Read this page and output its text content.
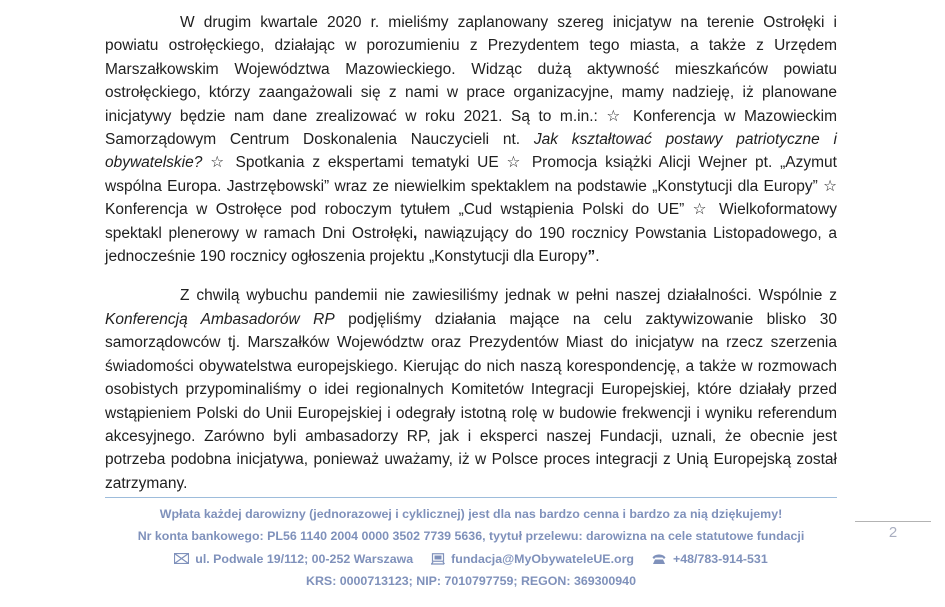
W drugim kwartale 2020 r. mieliśmy zaplanowany szereg inicjatyw na terenie Ostrołęki i powiatu ostrołęckiego, działając w porozumieniu z Prezydentem tego miasta, a także z Urzędem Marszałkowskim Województwa Mazowieckiego. Widząc dużą aktywność mieszkańców powiatu ostrołęckiego, którzy zaangażowali się z nami w prace organizacyjne, mamy nadzieję, iż planowane inicjatywy będzie nam dane zrealizować w roku 2021. Są to m.in.: ☆ Konferencja w Mazowieckim Samorządowym Centrum Doskonalenia Nauczycieli nt. Jak kształtować postawy patriotyczne i obywatelskie? ☆ Spotkania z ekspertami tematyki UE ☆ Promocja książki Alicji Wejner pt. „Azymut wspólna Europa. Jastrzębowski” wraz ze niewielkim spektaklem na podstawie „Konstytucji dla Europy” ☆ Konferencja w Ostrołęce pod roboczym tytułem „Cud wstąpienia Polski do UE” ☆ Wielkoformatowy spektakl plenerowy w ramach Dni Ostrołęki, nawiązujący do 190 rocznicy Powstania Listopadowego, a jednocześnie 190 rocznicy ogłoszenia projektu „Konstytucji dla Europy”.

Z chwilą wybuchu pandemii nie zawiesiliśmy jednak w pełni naszej działalności. Wspólnie z Konferencją Ambasadorów RP podjęliśmy działania mające na celu zaktywizowanie blisko 30 samorządowców tj. Marszałków Województw oraz Prezydentów Miast do inicjatyw na rzecz szerzenia świadomości obywatelstwa europejskiego. Kierując do nich naszą korespondencję, a także w rozmowach osobistych przypominaliśmy o idei regionalnych Komitetów Integracji Europejskiej, które działały przed wstąpieniem Polski do Unii Europejskiej i odegrały istotną rolę w budowie frekwencji i wyniku referendum akcesyjnego. Zarówno byli ambasadorzy RP, jak i eksperci naszej Fundacji, uznali, że obecnie jest potrzeba podobna inicjatywa, ponieważ uważamy, iż w Polsce proces integracji z Unią Europejską został zatrzymany.

Wpłata każdej darowizny (jednorazowej i cyklicznej) jest dla nas bardzo cenna i bardzo za nią dziękujemy!
Nr konta bankowego: PL56 1140 2004 0000 3502 7739 5636, tyytuł przelewu: darowizna na cele statutowe fundacji
ul. Podwale 19/112; 00-252 Warszawa	fundacja@MyObywateleUE.org	+48/783-914-531
KRS: 0000713123; NIP: 7010797759; REGON: 369300940
2
